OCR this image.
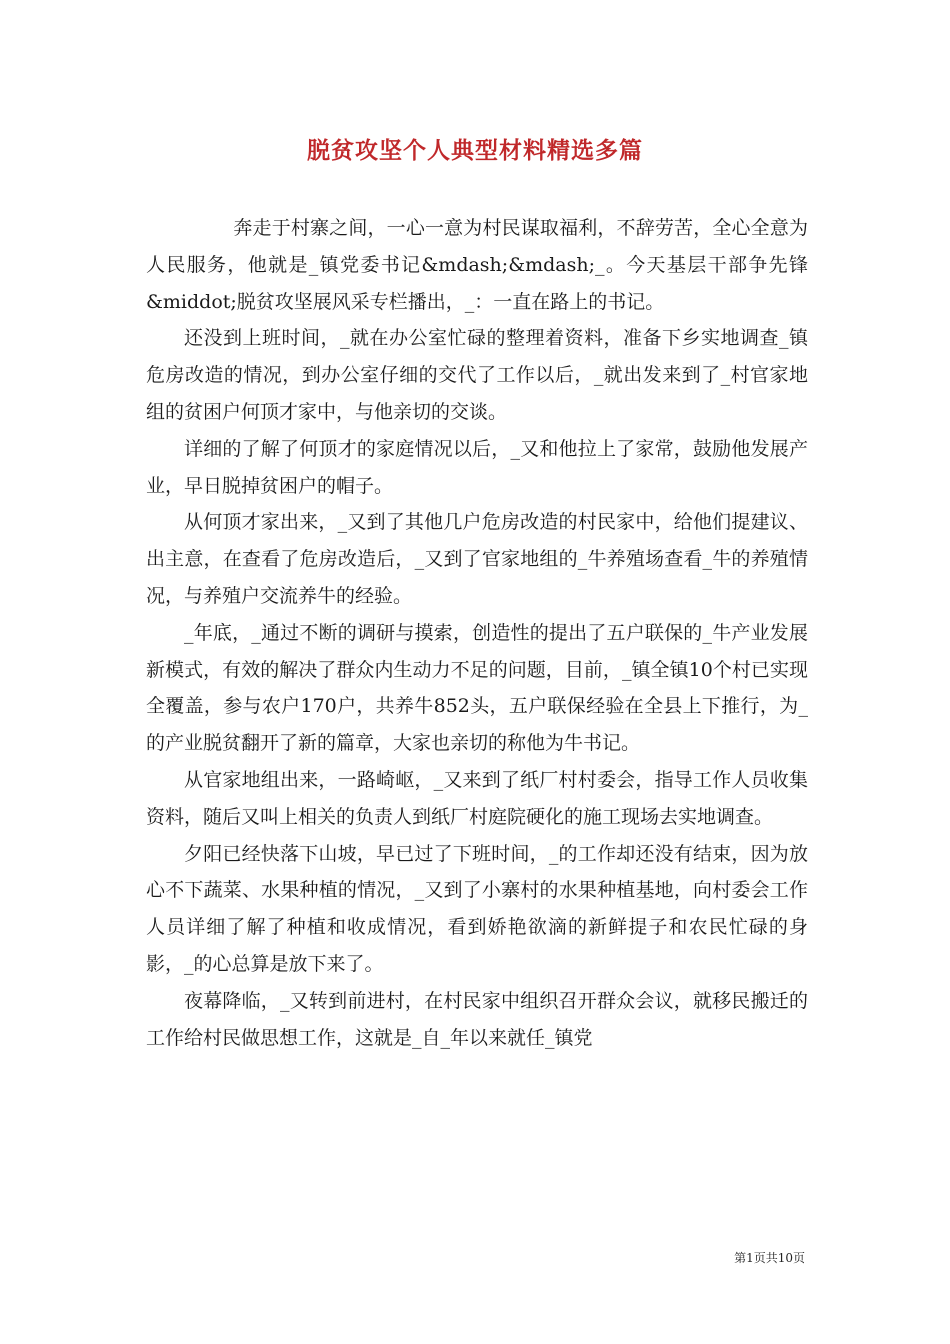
脱贫攻坚个人典型材料精选多篇

奔走于村寨之间，一心一意为村民谋取福利，不辞劳苦，全心全意为人民服务，他就是_镇党委书记&mdash;&mdash;_。今天基层干部争先锋&middot;脱贫攻坚展风采专栏播出，_：一直在路上的书记。

还没到上班时间，_就在办公室忙碌的整理着资料，准备下乡实地调查_镇危房改造的情况，到办公室仔细的交代了工作以后，_就出发来到了_村官家地组的贫困户何顶才家中，与他亲切的交谈。

详细的了解了何顶才的家庭情况以后，_又和他拉上了家常，鼓励他发展产业，早日脱掉贫困户的帽子。

从何顶才家出来，_又到了其他几户危房改造的村民家中，给他们提建议、出主意，在查看了危房改造后，_又到了官家地组的_牛养殖场查看_牛的养殖情况，与养殖户交流养牛的经验。

_年底，_通过不断的调研与摸索，创造性的提出了五户联保的_牛产业发展新模式，有效的解决了群众内生动力不足的问题，目前，_镇全镇10个村已实现全覆盖，参与农户170户，共养牛852头，五户联保经验在全县上下推行，为_的产业脱贫翻开了新的篇章，大家也亲切的称他为牛书记。

从官家地组出来，一路崎岖，_又来到了纸厂村村委会，指导工作人员收集资料，随后又叫上相关的负责人到纸厂村庭院硬化的施工现场去实地调查。

夕阳已经快落下山坡，早已过了下班时间，_的工作却还没有结束，因为放心不下蔬菜、水果种植的情况，_又到了小寨村的水果种植基地，向村委会工作人员详细了解了种植和收成情况，看到娇艳欲滴的新鲜提子和农民忙碌的身影，_的心总算是放下来了。

夜幕降临，_又转到前进村，在村民家中组织召开群众会议，就移民搬迁的工作给村民做思想工作，这就是_自_年以来就任_镇党

第1页共10页
